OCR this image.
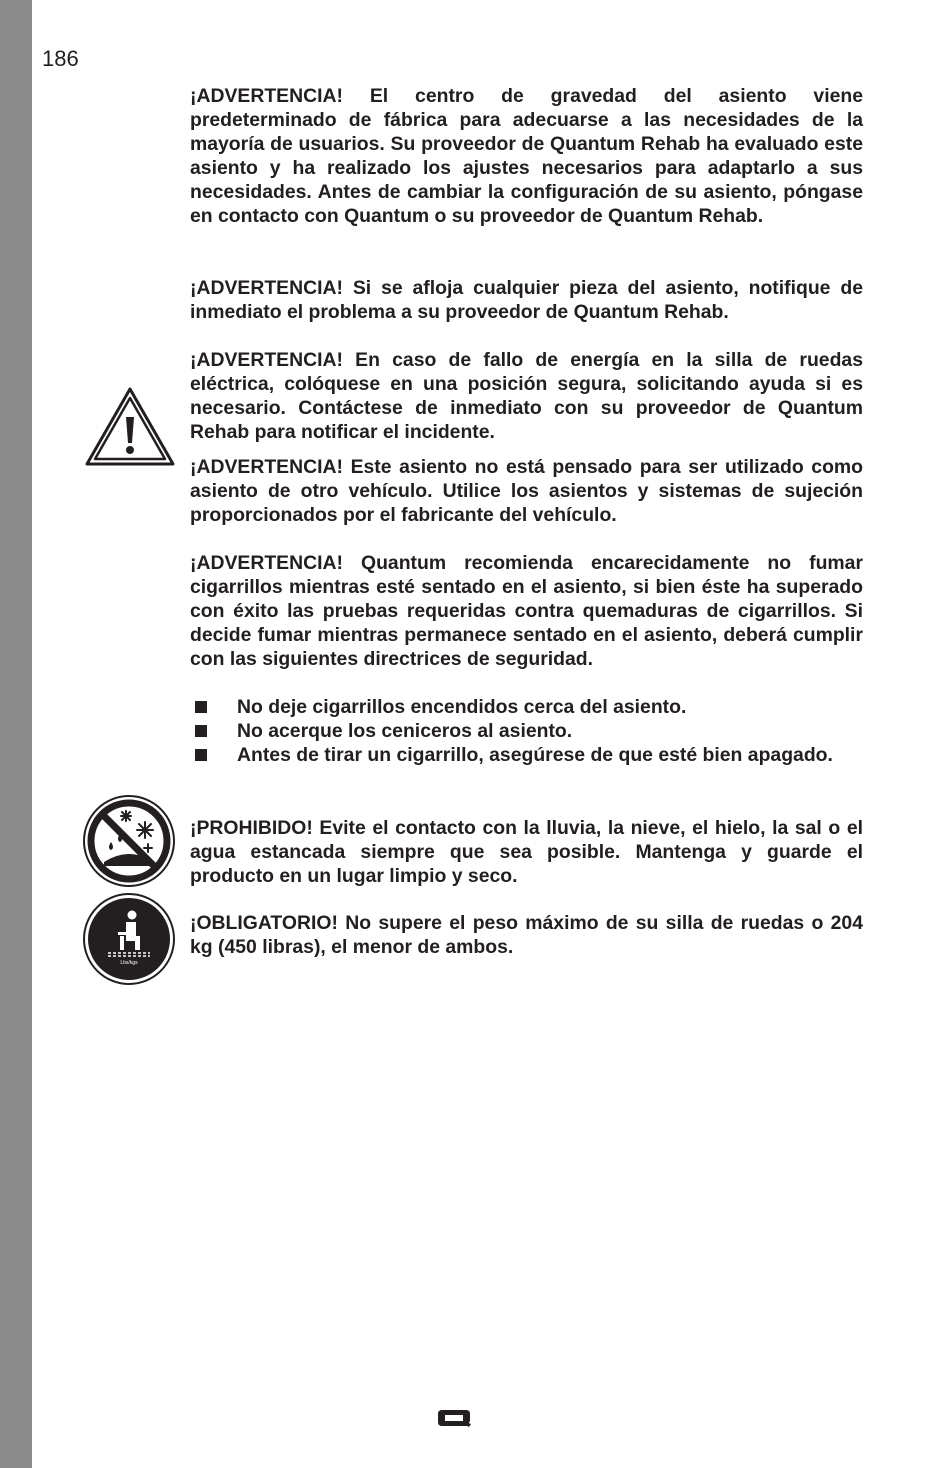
186

¡ADVERTENCIA! El centro de gravedad del asiento viene predeterminado de fábrica para adecuarse a las necesidades de la mayoría de usuarios. Su proveedor de Quantum Rehab ha evaluado este asiento y ha realizado los ajustes necesarios para adaptarlo a sus necesidades. Antes de cambiar la configuración de su asiento, póngase en contacto con Quantum o su proveedor de Quantum Rehab.

¡ADVERTENCIA! Si se afloja cualquier pieza del asiento, notifique de inmediato el problema a su proveedor de Quantum Rehab.

¡ADVERTENCIA! En caso de fallo de energía en la silla de ruedas eléctrica, colóquese en una posición segura, solicitando ayuda si es necesario. Contáctese de inmediato con su proveedor de Quantum Rehab para notificar el incidente.

¡ADVERTENCIA! Este asiento no está pensado para ser utilizado como asiento de otro vehículo. Utilice los asientos y sistemas de sujeción proporcionados por el fabricante del vehículo.

¡ADVERTENCIA! Quantum recomienda encarecidamente no fumar cigarrillos mientras esté sentado en el asiento, si bien éste ha superado con éxito las pruebas requeridas contra quemaduras de cigarrillos. Si decide fumar mientras permanece sentado en el asiento, deberá cumplir con las siguientes directrices de seguridad.

No deje cigarrillos encendidos cerca del asiento.
No acerque los ceniceros al asiento.
Antes de tirar un cigarrillo, asegúrese de que esté bien apagado.

¡PROHIBIDO! Evite el contacto con la lluvia, la nieve, el hielo, la sal o el agua estancada siempre que sea posible. Mantenga y guarde el producto en un lugar limpio y seco.

¡OBLIGATORIO! No supere el peso máximo de su silla de ruedas o 204 kg (450 libras), el menor de ambos.

Lbs/kgs
